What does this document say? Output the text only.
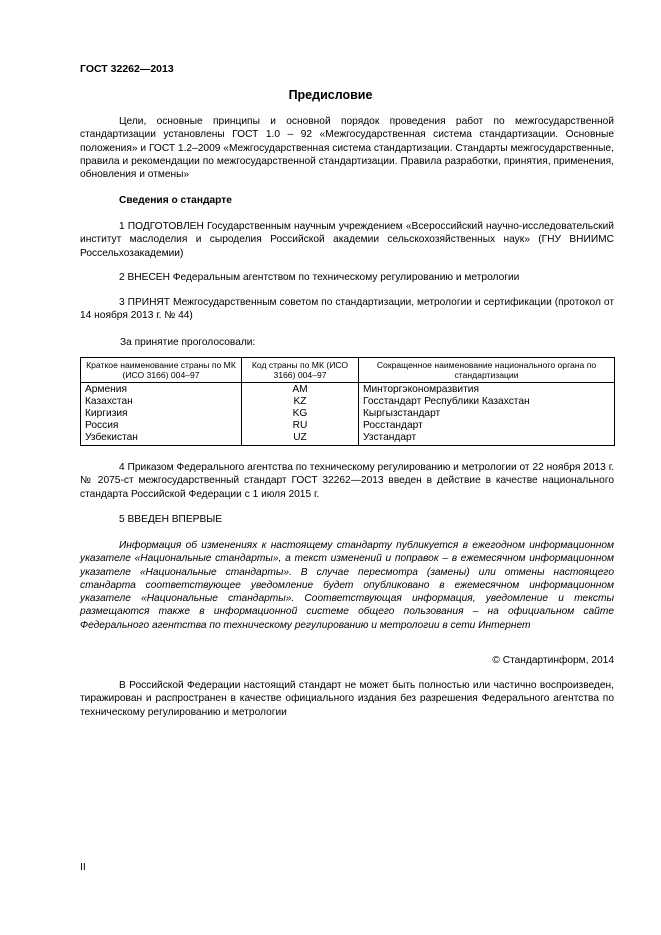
ГОСТ 32262—2013
Предисловие

Цели, основные принципы и основной порядок проведения работ по межгосударственной стандартизации установлены ГОСТ 1.0 – 92 «Межгосударственная система стандартизации. Основные положения» и ГОСТ 1.2–2009 «Межгосударственная система стандартизации. Стандарты межгосударственные, правила и рекомендации по межгосударственной стандартизации. Правила разработки, принятия, применения, обновления и отмены»

Сведения о стандарте

1 ПОДГОТОВЛЕН Государственным научным учреждением «Всероссийский научно-исследовательский институт маслоделия и сыроделия Российской академии сельскохозяйственных наук» (ГНУ ВНИИМС Россельхозакадемии)

2 ВНЕСЕН Федеральным агентством по техническому регулированию и метрологии

3 ПРИНЯТ Межгосударственным советом по стандартизации, метрологии и сертификации (протокол от 14 ноября 2013 г. № 44)

За принятие проголосовали:

Краткое наименование страны по МК (ИСО 3166) 004–97	Код страны по МК (ИСО 3166) 004–97	Сокращенное наименование национального органа по стандартизации
Армения	AM	Минторгэкономразвития
Казахстан	KZ	Госстандарт Республики Казахстан
Киргизия	KG	Кыргызстандарт
Россия	RU	Росстандарт
Узбекистан	UZ	Узстандарт

4 Приказом Федерального агентства по техническому регулированию и метрологии от 22 ноября 2013 г. № 2075-ст межгосударственный стандарт ГОСТ 32262—2013 введен в действие в качестве национального стандарта Российской Федерации с 1 июля 2015 г.

5 ВВЕДЕН ВПЕРВЫЕ

Информация об изменениях к настоящему стандарту публикуется в ежегодном информационном указателе «Национальные стандарты», а текст изменений и поправок – в ежемесячном информационном указателе «Национальные стандарты». В случае пересмотра (замены) или отмены настоящего стандарта соответствующее уведомление будет опубликовано в ежемесячном информационном указателе «Национальные стандарты». Соответствующая информация, уведомление и тексты размещаются также в информационной системе общего пользования – на официальном сайте Федерального агентства по техническому регулированию и метрологии в сети Интернет

© Стандартинформ, 2014

В Российской Федерации настоящий стандарт не может быть полностью или частично воспроизведен, тиражирован и распространен в качестве официального издания без разрешения Федерального агентства по техническому регулированию и метрологии

II
